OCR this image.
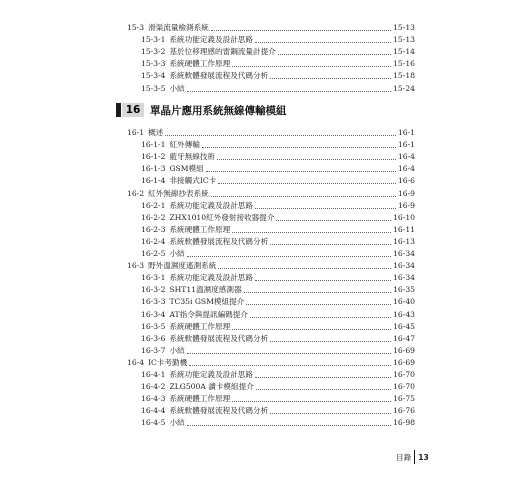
15-3 滑渠流量檢測系統	15-13
15-3-1 系統功能定義及設計思路	15-13
15-3-2 基於位移理感的雷鋼流量計提介	15-14
15-3-3 系統硬體工作原理	15-16
15-3-4 系統軟體發展流程及代碼分析	15-18
15-3-5 小結	15-24
16 單晶片應用系統無線傳輸模組
16-1 概述	16-1
16-1-1 紅外傳輸	16-1
16-1-2 藍牙無線技術	16-4
16-1-3 GSM模組	16-4
16-1-4 非接觸式IC卡	16-6
16-2 紅外無線抄表系統	16-9
16-2-1 系統功能定義及設計思路	16-9
16-2-2 ZHX1010紅外發射接收器提介	16-10
16-2-3 系統硬體工作原理	16-11
16-2-4 系統軟體發展流程及代碼分析	16-13
16-2-5 小結	16-34
16-3 野外溫濕度遙測系統	16-34
16-3-1 系統功能定義及設計思路	16-34
16-3-2 SHT11溫濕度感測器	16-35
16-3-3 TC35i GSM模組提介	16-40
16-3-4 AT指令與提訊編碼提介	16-43
16-3-5 系統硬體工作原理	16-45
16-3-6 系統軟體發展流程及代碼分析	16-47
16-3-7 小結	16-69
16-4 IC卡考勤機	16-69
16-4-1 系統功能定義及設計思路	16-70
16-4-2 ZLG500A 讀卡模組提介	16-70
16-4-3 系統硬體工作原理	16-75
16-4-4 系統軟體發展流程及代碼分析	16-76
16-4-5 小結	16-98
目錄 13
